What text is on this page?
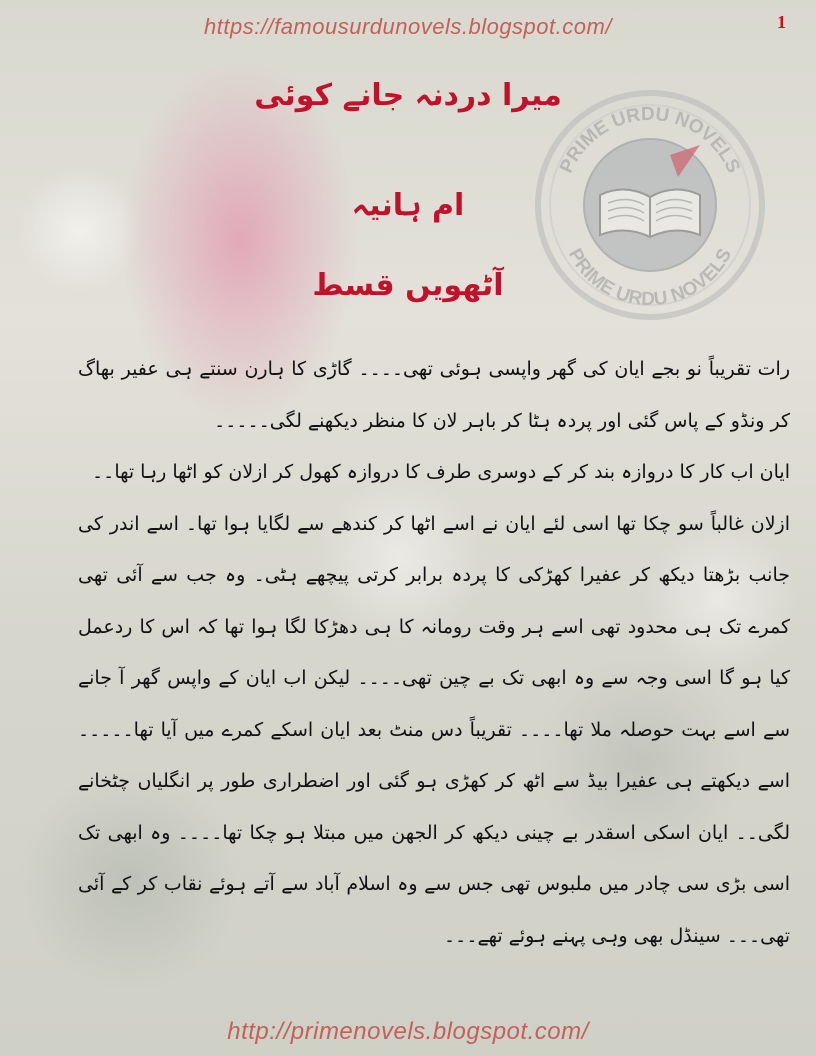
https://famousurdunovels.blogspot.com/	1
PRIME URDU NOVELS
PRIME URDU NOVELS
میرا دردنہ جانے کوئی
ام ہانیہ
آٹھویں قسط

رات تقریباً نو بجے ایان کی گھر واپسی ہوئی تھی۔۔۔۔ گاڑی کا ہارن سنتے ہی عفیر بھاگ کر ونڈو کے پاس گئی اور پردہ ہٹا کر باہر لان کا منظر دیکھنے لگی۔۔۔۔۔

ایان اب کار کا دروازہ بند کر کے دوسری طرف کا دروازہ کھول کر ازلان کو اٹھا رہا تھا۔۔

ازلان غالباً سو چکا تھا اسی لئے ایان نے اسے اٹھا کر کندھے سے لگایا ہوا تھا۔ اسے اندر کی جانب بڑھتا دیکھ کر عفیرا کھڑکی کا پردہ برابر کرتی پیچھے ہٹی۔ وہ جب سے آئی تھی کمرے تک ہی محدود تھی اسے ہر وقت رومانہ کا ہی دھڑکا لگا ہوا تھا کہ اس کا ردعمل کیا ہو گا اسی وجہ سے وہ ابھی تک بے چین تھی۔۔۔۔ لیکن اب ایان کے واپس گھر آ جانے سے اسے بہت حوصلہ ملا تھا۔۔۔۔ تقریباً دس منٹ بعد ایان اسکے کمرے میں آیا تھا۔۔۔۔۔ اسے دیکھتے ہی عفیرا بیڈ سے اٹھ کر کھڑی ہو گئی اور اضطراری طور پر انگلیاں چٹخانے لگی۔۔ ایان اسکی اسقدر بے چینی دیکھ کر الجھن میں مبتلا ہو چکا تھا۔۔۔۔ وہ ابھی تک اسی بڑی سی چادر میں ملبوس تھی جس سے وہ اسلام آباد سے آتے ہوئے نقاب کر کے آئی تھی۔۔۔ سینڈل بھی وہی پہنے ہوئے تھے۔۔۔

http://primenovels.blogspot.com/
